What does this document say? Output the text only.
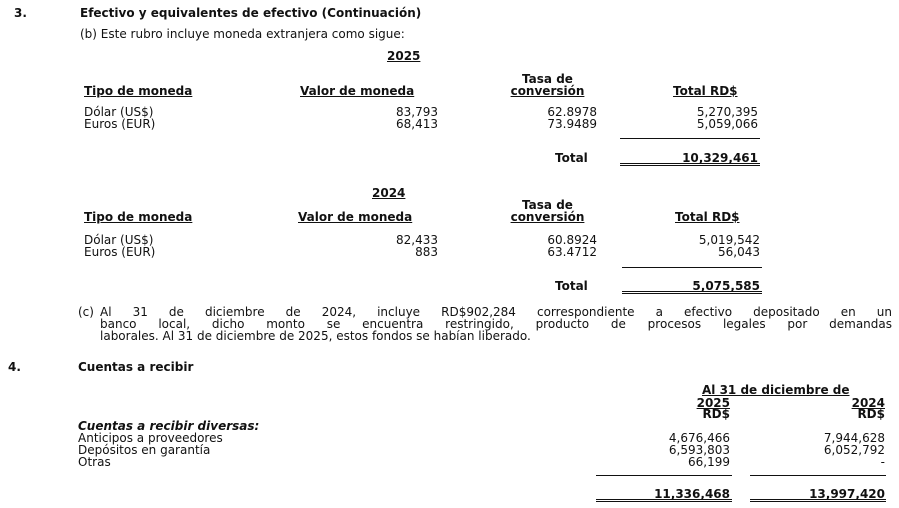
3.	Efectivo y equivalentes de efectivo (Continuación)
(b) Este rubro incluye moneda extranjera como sigue:
2025
Tasa de
Tipo de moneda	Valor de moneda	conversión	Total RD$
Dólar (US$)	83,793	62.8978	5,270,395
Euros (EUR)	68,413	73.9489	5,059,066
Total	10,329,461
2024
Tasa de
Tipo de moneda	Valor de moneda	conversión	Total RD$
Dólar (US$)	82,433	60.8924	5,019,542
Euros (EUR)	883	63.4712	56,043
Total	5,075,585
(c) Al 31 de diciembre de 2024, incluye RD$902,284 correspondiente a efectivo depositado en un
banco local, dicho monto se encuentra restringido, producto de procesos legales por demandas
laborales. Al 31 de diciembre de 2025, estos fondos se habían liberado.
4.	Cuentas a recibir
Al 31 de diciembre de
2025	2024
RD$	RD$
Cuentas a recibir diversas:
Anticipos a proveedores	4,676,466	7,944,628
Depósitos en garantía	6,593,803	6,052,792
Otras	66,199	-
11,336,468	13,997,420
